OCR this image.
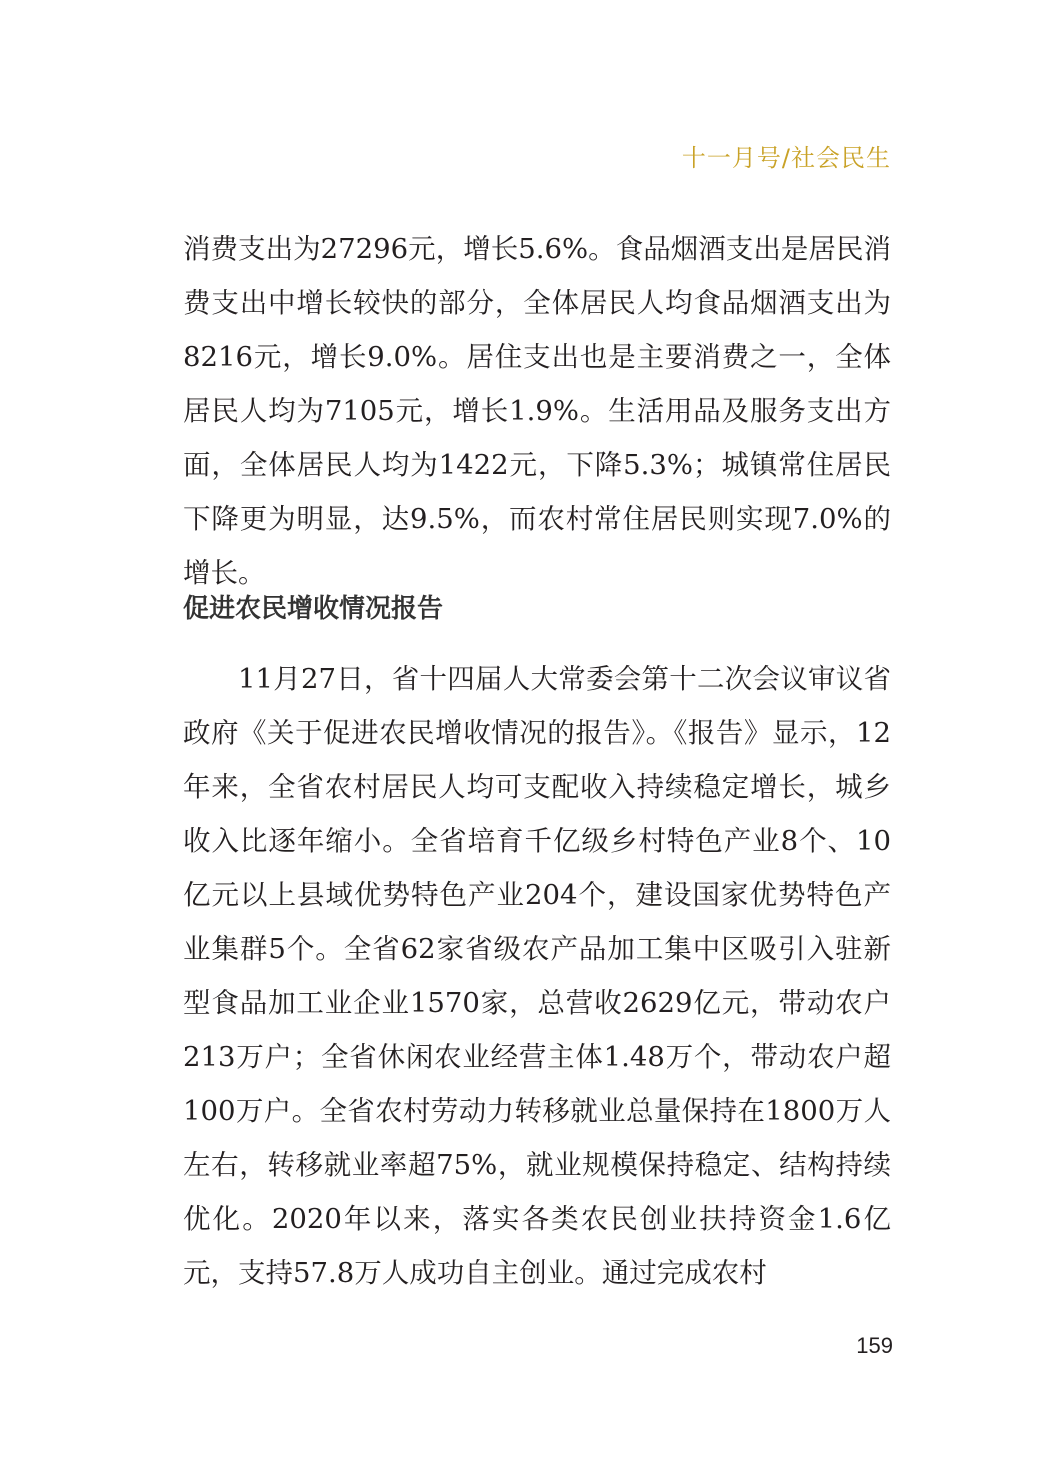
十一月号/社会民生

消费支出为27296元，增长5.6%。食品烟酒支出是居民消费支出中增长较快的部分，全体居民人均食品烟酒支出为8216元，增长9.0%。居住支出也是主要消费之一，全体居民人均为7105元，增长1.9%。生活用品及服务支出方面，全体居民人均为1422元，下降5.3%；城镇常住居民下降更为明显，达9.5%，而农村常住居民则实现7.0%的增长。

促进农民增收情况报告

11月27日，省十四届人大常委会第十二次会议审议省政府《关于促进农民增收情况的报告》。《报告》显示，12年来，全省农村居民人均可支配收入持续稳定增长，城乡收入比逐年缩小。全省培育千亿级乡村特色产业8个、10亿元以上县域优势特色产业204个，建设国家优势特色产业集群5个。全省62家省级农产品加工集中区吸引入驻新型食品加工业企业1570家，总营收2629亿元，带动农户213万户；全省休闲农业经营主体1.48万个，带动农户超100万户。全省农村劳动力转移就业总量保持在1800万人左右，转移就业率超75%，就业规模保持稳定、结构持续优化。2020年以来，落实各类农民创业扶持资金1.6亿元，支持57.8万人成功自主创业。通过完成农村

159
